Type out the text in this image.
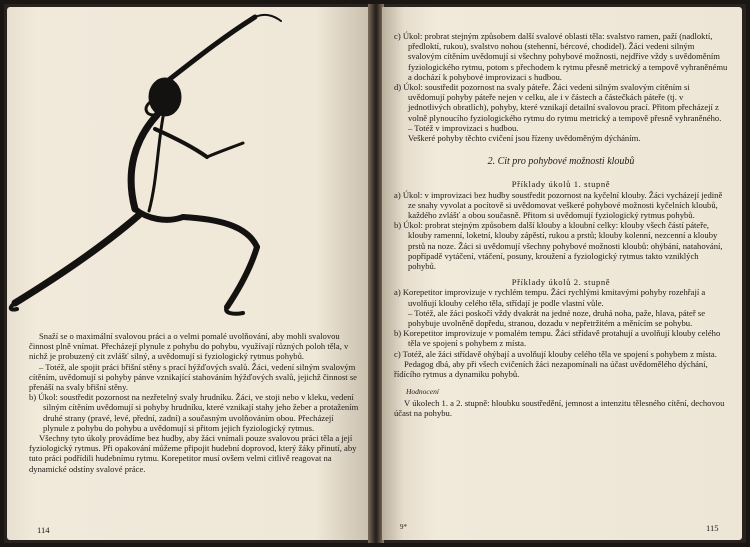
Snaží se o maximální svalovou práci a o velmi pomalé uvolňování, aby mohli svalovou činnost plně vnímat. Přecházejí plynule z pohybu do pohybu, využívají různých poloh těla, v nichž je probuzený cit zvlášť silný, a uvědomují si fyziologický rytmus pohybů.

– Totéž, ale spojit práci břišní stěny s prací hýžďových svalů. Žáci, vedení silným svalovým cítěním, uvědomují si pohyby pánve vznikající stahováním hýžďových svalů, jejichž činnost se přenáší na svaly břišní stěny.

b) Úkol: soustředit pozornost na nezřetelný svaly hrudníku. Žáci, ve stoji nebo v kleku, vedení silným cítěním uvědomují si pohyby hrudníku, které vznikají stahy jeho žeber a protažením druhé strany (pravé, levé, přední, zadní) a současným uvolňováním obou. Přecházejí plynule z pohybu do pohybu a uvědomují si přitom jejich fyziologický rytmus.

Všechny tyto úkoly provádíme bez hudby, aby žáci vnímali pouze svalovou práci těla a její fyziologický rytmus. Při opakování můžeme připojit hudební doprovod, který žáky přinutí, aby tuto práci podřídili hudebnímu rytmu. Korepetitor musí ovšem velmi citlivě reagovat na dynamické odstíny svalové práce.

114

c) Úkol: probrat stejným způsobem další svalové oblasti těla: svalstvo ramen, paží (nadloktí, předloktí, rukou), svalstvo nohou (stehenní, bércové, chodidel). Žáci vedeni silným svalovým cítěním uvědomují si všechny pohybové možnosti, nejdříve vždy s uvědoměním fyziologického rytmu, potom s přechodem k rytmu přesně metrický a tempově vyhraněnému a dochází k pohybové improvizaci s hudbou.

d) Úkol: soustředit pozornost na svaly páteře. Žáci vedeni silným svalovým cítěním si uvědomují pohyby páteře nejen v celku, ale i v částech a částečkách páteře (tj. v jednotlivých obratlích), pohyby, které vznikají detailní svalovou prací. Přitom přecházejí z volně plynoucího fyziologického rytmu do rytmu metrický a tempově přesně vyhraněného.

– Totéž v improvizaci s hudbou.

Veškeré pohyby těchto cvičení jsou řízeny uvědoměným dýcháním.

2. Cit pro pohybové možnosti kloubů

Příklady úkolů 1. stupně

a) Úkol: v improvizaci bez hudby soustředit pozornost na kyčelní klouby. Žáci vycházejí jedině ze snahy vyvolat a pocítově si uvědomovat veškeré pohybové možnosti kyčelních kloubů, každého zvlášť a obou současně. Přitom si uvědomují fyziologický rytmus pohybů.

b) Úkol: probrat stejným způsobem další klouby a kloubní celky: klouby všech částí páteře, klouby ramenní, loketní, klouby zápěstí, rukou a prstů; klouby kolenní, nezcenní a klouby prstů na noze. Žáci si uvědomují všechny pohybové možnosti kloubů: ohýbání, natahování, popřípadě vytáčení, vtáčení, posuny, kroužení a fyziologický rytmus takto vzniklých pohybů.

Příklady úkolů 2. stupně

a) Korepetitor improvizuje v rychlém tempu. Žáci rychlými kmitavými pohyby rozehřají a uvolňují klouby celého těla, střídají je podle vlastní vůle.

– Totéž, ale žáci poskočí vždy dvakrát na jedné noze, druhá noha, paže, hlava, páteř se pohybuje uvolněně dopředu, stranou, dozadu v nepřetržitém a měnícím se pohybu.

b) Korepetitor improvizuje v pomalém tempu. Žáci střídavě protahují a uvolňují klouby celého těla ve spojení s pohybem z místa.

c) Totéž, ale žáci střídavě ohýbají a uvolňují klouby celého těla ve spojení s pohybem z místa.

Pedagog dbá, aby při všech cvičeních žáci nezapomínali na účast uvědomělého dýchání, řídícího rytmus a dynamiku pohybů.

Hodnocení

V úkolech 1. a 2. stupně: hloubku soustředění, jemnost a intenzitu tělesného cítění, dechovou účast na pohybu.

9*	115
